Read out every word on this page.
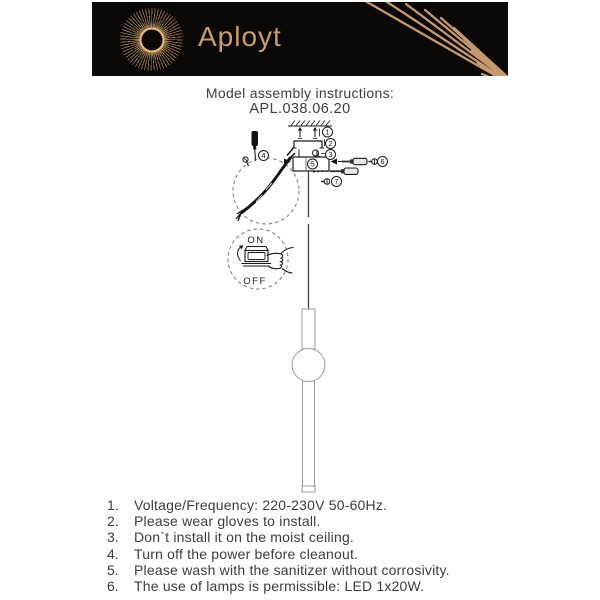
Aployt
Model assembly instructions:
APL.038.06.20
ON
OFF
1
2
3
4
5	6
7
1.	Voltage/Frequency: 220-230V 50-60Hz.
2.	Please wear gloves to install.
3.	Don`t install it on the moist ceiling.
4.	Turn off the power before cleanout.
5.	Please wash with the sanitizer without corrosivity.
6.	The use of lamps is permissible: LED 1x20W.
